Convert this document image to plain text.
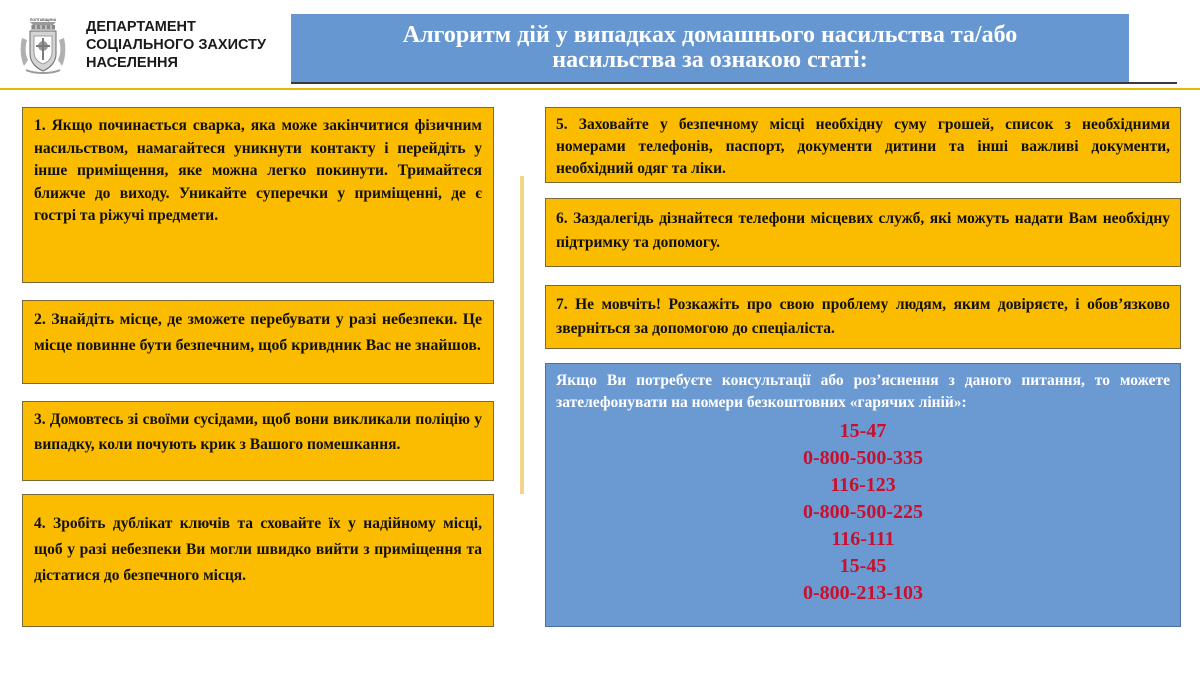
ПОЛТАВЩИНА ДЕПАРТАМЕНТ
СОЦІАЛЬНОГО ЗАХИСТУ
НАСЕЛЕННЯ
Алгоритм дій у випадках домашнього насильства та/або
насильства за ознакою статі:
1. Якщо починається сварка, яка може закінчитися фізичним насильством, намагайтеся уникнути контакту і перейдіть у інше приміщення, яке можна легко покинути. Тримайтеся ближче до виходу. Уникайте суперечки у приміщенні, де є гострі та ріжучі предмети.
2. Знайдіть місце, де зможете перебувати у разі небезпеки. Це місце повинне бути безпечним, щоб кривдник Вас не знайшов.
3. Домовтесь зі своїми сусідами, щоб вони викликали поліцію у випадку, коли почують крик з Вашого помешкання.
4. Зробіть дублікат ключів та сховайте їх у надійному місці, щоб у разі небезпеки Ви могли швидко вийти з приміщення та дістатися до безпечного місця.
5. Заховайте у безпечному місці необхідну суму грошей, список з необхідними номерами телефонів, паспорт, документи дитини та інші важливі документи, необхідний одяг та ліки.
6. Заздалегідь дізнайтеся телефони місцевих служб, які можуть надати Вам необхідну підтримку та допомогу.
7. Не мовчіть! Розкажіть про свою проблему людям, яким довіряєте, і обов’язково зверніться за допомогою до спеціаліста.
Якщо Ви потребуєте консультації або роз’яснення з даного питання, то можете зателефонувати на номери безкоштовних «гарячих ліній»:
15-47
0-800-500-335
116-123
0-800-500-225
116-111
15-45
0-800-213-103
